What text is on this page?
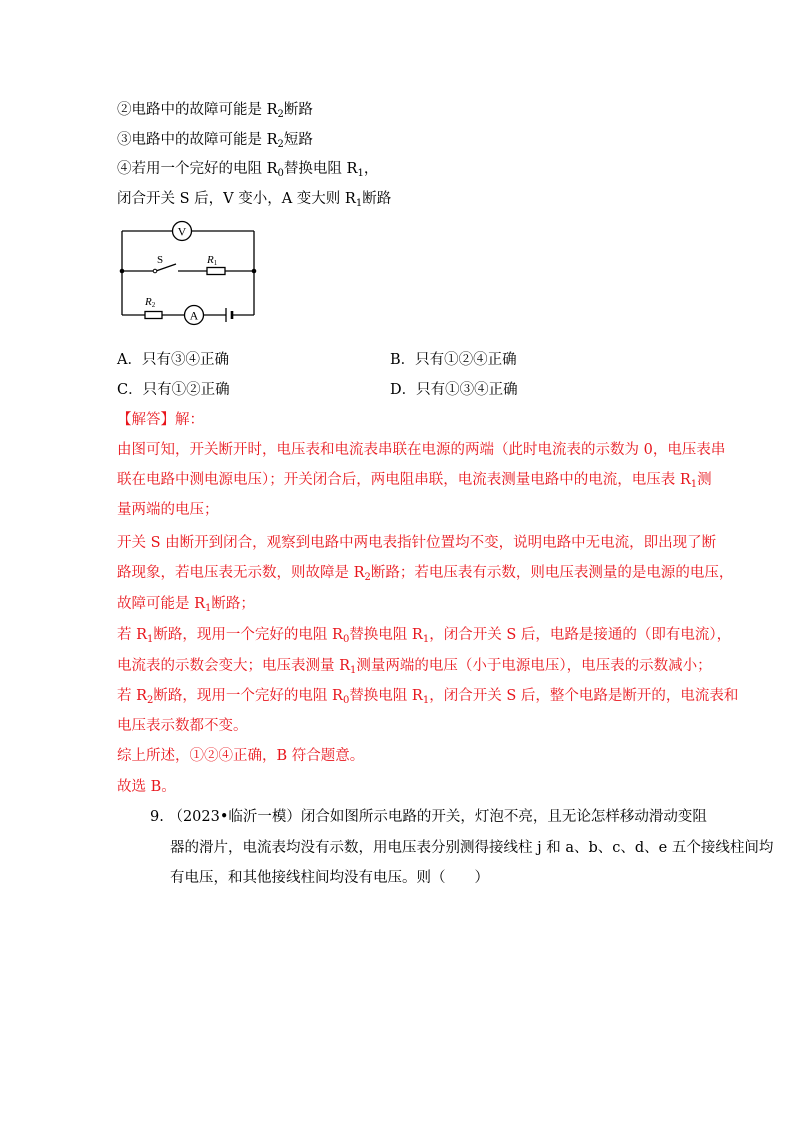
②电路中的故障可能是 $R_2$断路
③电路中的故障可能是 $R_2$短路
④若用一个完好的电阻 $R_0$替换电阻 $R_1$，
闭合开关 S 后，V 变小，A 变大则 $R_1$断路
V
S	R1
R2
A
A．只有③④正确	B．只有①②④正确
C．只有①②正确	D．只有①③④正确
【解答】解：
由图可知，开关断开时，电压表和电流表串联在电源的两端（此时电流表的示数为 0，电压表串
联在电路中测电源电压）；开关闭合后，两电阻串联，电流表测量电路中的电流，电压表 $R_1$测
量两端的电压；
开关 S 由断开到闭合，观察到电路中两电表指针位置均不变，说明电路中无电流，即出现了断
路现象，若电压表无示数，则故障是 $R_2$断路；若电压表有示数，则电压表测量的是电源的电压，
故障可能是 $R_1$断路；
若 $R_1$断路，现用一个完好的电阻 $R_0$替换电阻 $R_1$，闭合开关 S 后，电路是接通的（即有电流），
电流表的示数会变大；电压表测量 $R_1$测量两端的电压（小于电源电压），电压表的示数减小；
若 $R_2$断路，现用一个完好的电阻 $R_0$替换电阻 $R_1$，闭合开关 S 后，整个电路是断开的，电流表和
电压表示数都不变。
综上所述，①②④正确，B 符合题意。
故选 B。
9. （2023•临沂一模）闭合如图所示电路的开关，灯泡不亮，且无论怎样移动滑动变阻
器的滑片，电流表均没有示数，用电压表分别测得接线柱 j 和 a、b、c、d、e 五个接线柱间均
有电压，和其他接线柱间均没有电压。则（　　）
